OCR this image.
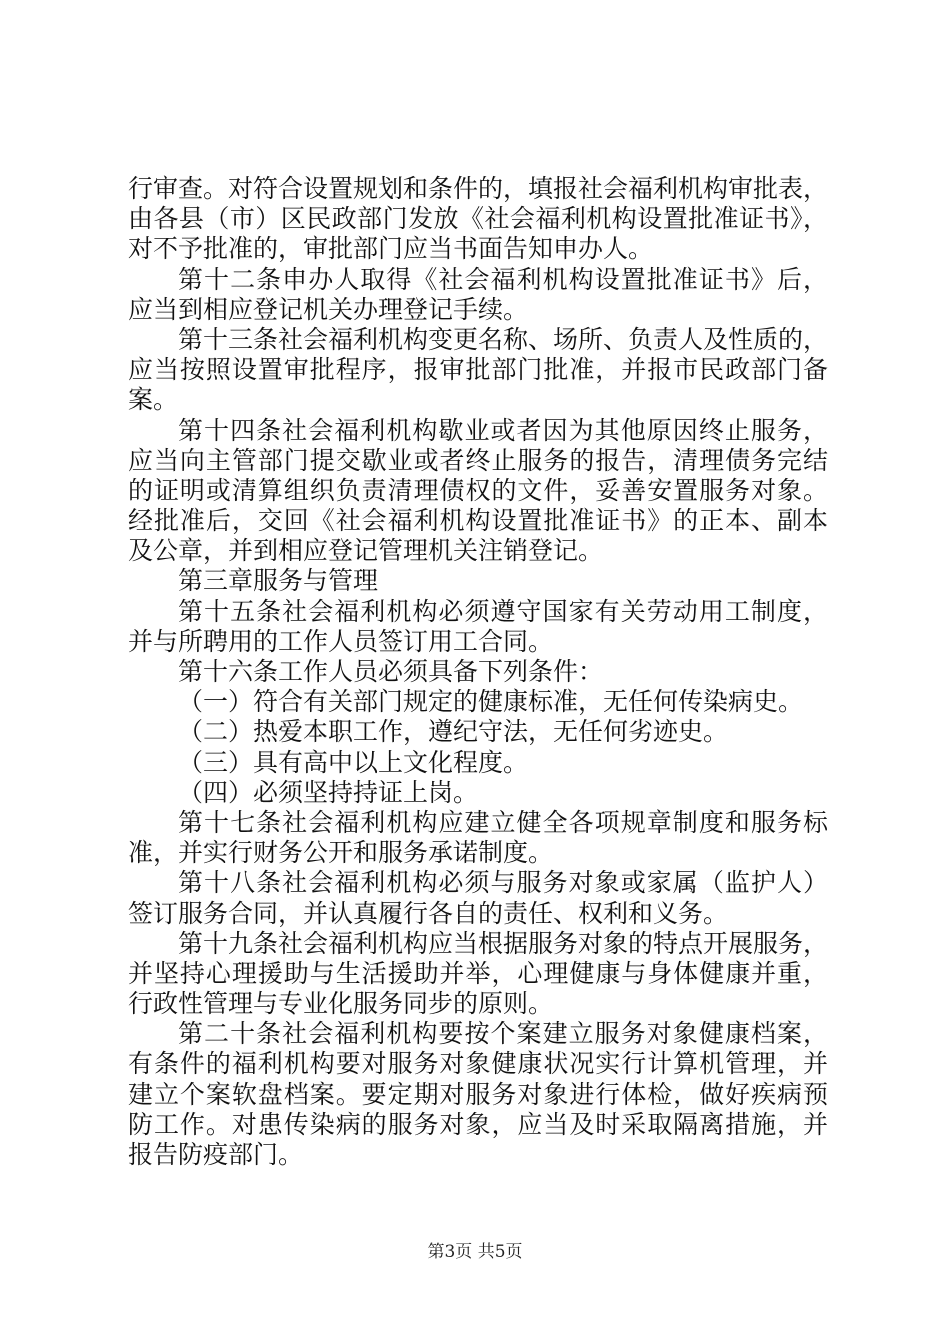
行审查。对符合设置规划和条件的，填报社会福利机构审批表，
由各县（市）区民政部门发放《社会福利机构设置批准证书》，
对不予批准的，审批部门应当书面告知申办人。
第十二条申办人取得《社会福利机构设置批准证书》后，
应当到相应登记机关办理登记手续。
第十三条社会福利机构变更名称、场所、负责人及性质的，
应当按照设置审批程序，报审批部门批准，并报市民政部门备
案。
第十四条社会福利机构歇业或者因为其他原因终止服务，
应当向主管部门提交歇业或者终止服务的报告，清理债务完结
的证明或清算组织负责清理债权的文件，妥善安置服务对象。
经批准后，交回《社会福利机构设置批准证书》的正本、副本
及公章，并到相应登记管理机关注销登记。
第三章服务与管理
第十五条社会福利机构必须遵守国家有关劳动用工制度，
并与所聘用的工作人员签订用工合同。
第十六条工作人员必须具备下列条件：
（一）符合有关部门规定的健康标准，无任何传染病史。
（二）热爱本职工作，遵纪守法，无任何劣迹史。
（三）具有高中以上文化程度。
（四）必须坚持持证上岗。
第十七条社会福利机构应建立健全各项规章制度和服务标
准，并实行财务公开和服务承诺制度。
第十八条社会福利机构必须与服务对象或家属（监护人）
签订服务合同，并认真履行各自的责任、权利和义务。
第十九条社会福利机构应当根据服务对象的特点开展服务，
并坚持心理援助与生活援助并举，心理健康与身体健康并重，
行政性管理与专业化服务同步的原则。
第二十条社会福利机构要按个案建立服务对象健康档案，
有条件的福利机构要对服务对象健康状况实行计算机管理，并
建立个案软盘档案。要定期对服务对象进行体检，做好疾病预
防工作。对患传染病的服务对象，应当及时采取隔离措施，并
报告防疫部门。
第3页 共5页
